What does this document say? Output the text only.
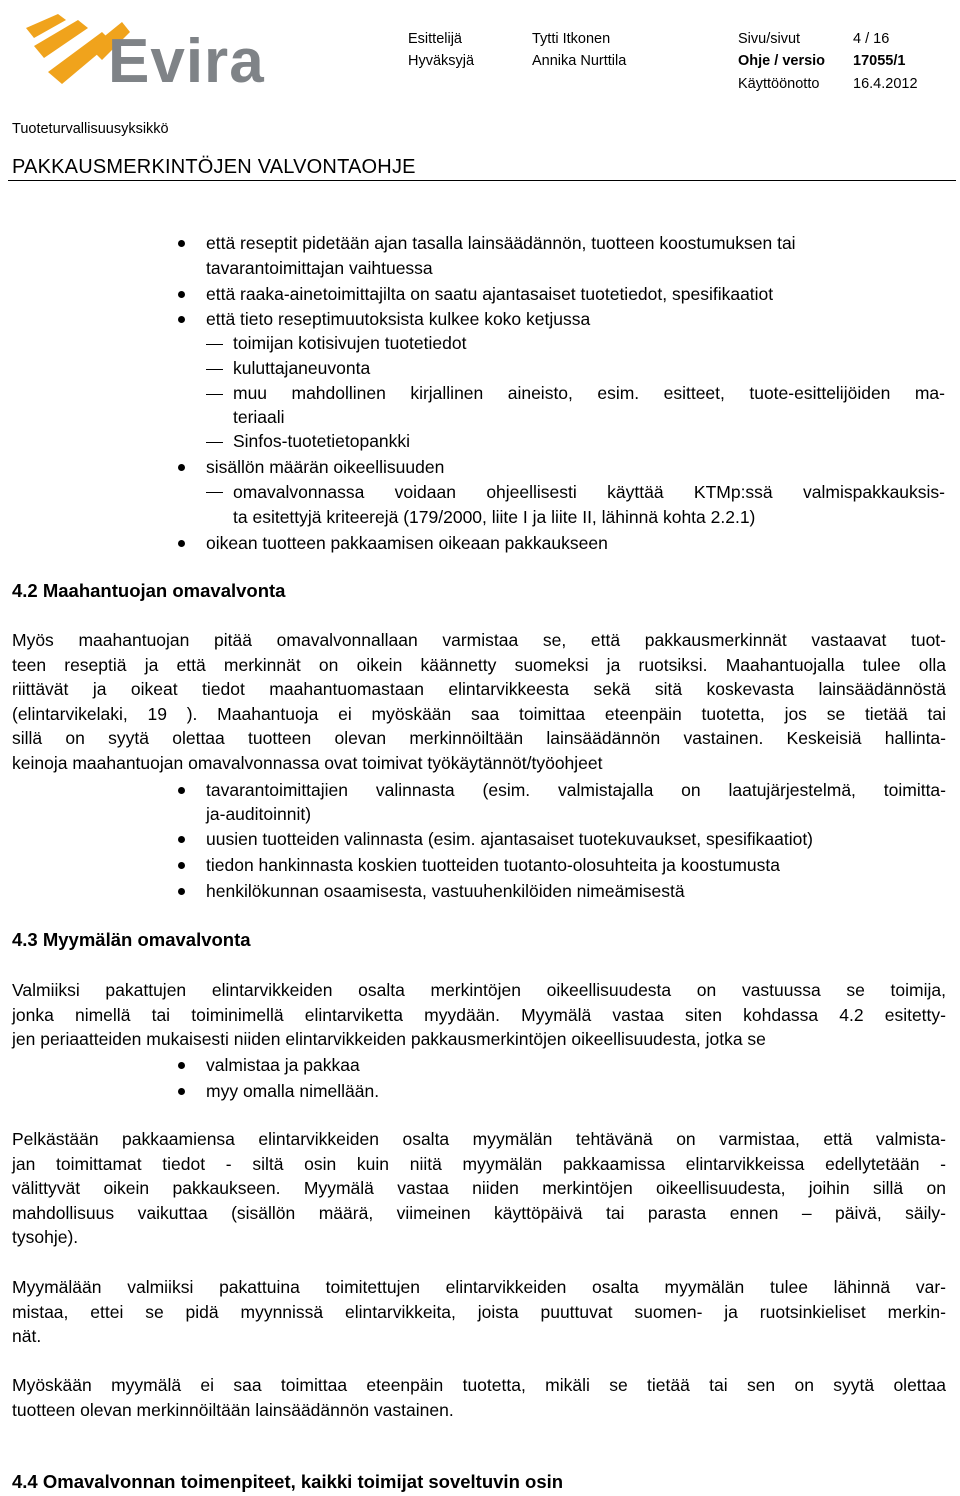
Evira	Esittelijä	Tytti Itkonen	Sivu/sivut	4 / 16
Hyväksyjä	Annika Nurttila	Ohje / versio 17055/1
Käyttöönotto 16.4.2012
Tuoteturvallisuusyksikkö
PAKKAUSMERKINTÖJEN VALVONTAOHJE
että reseptit pidetään ajan tasalla lainsäädännön, tuotteen koostumuksen tai
tavarantoimittajan vaihtuessa
että raaka-ainetoimittajilta on saatu ajantasaiset tuotetiedot, spesifikaatiot
että tieto reseptimuutoksista kulkee koko ketjussa
toimijan kotisivujen tuotetiedot
kuluttajaneuvonta
muu mahdollinen kirjallinen aineisto, esim. esitteet, tuote-esittelijöiden ma-
teriaali
Sinfos-tuotetietopankki
sisällön määrän oikeellisuuden
omavalvonnassa voidaan ohjeellisesti käyttää KTMp:ssä valmispakkauksis-
ta esitettyjä kriteerejä (179/2000, liite I ja liite II, lähinnä kohta 2.2.1)
oikean tuotteen pakkaamisen oikeaan pakkaukseen
4.2 Maahantuojan omavalvonta
Myös maahantuojan pitää omavalvonnallaan varmistaa se, että pakkausmerkinnät vastaavat tuot-
teen reseptiä ja että merkinnät on oikein käännetty suomeksi ja ruotsiksi. Maahantuojalla tulee olla
riittävät ja oikeat tiedot maahantuomastaan elintarvikkeesta sekä sitä koskevasta lainsäädännöstä
(elintarvikelaki, 19 ). Maahantuoja ei myöskään saa toimittaa eteenpäin tuotetta, jos se tietää tai
sillä on syytä olettaa tuotteen olevan merkinnöiltään lainsäädännön vastainen. Keskeisiä hallinta-
keinoja maahantuojan omavalvonnassa ovat toimivat työkäytännöt/työohjeet
tavarantoimittajien valinnasta (esim. valmistajalla on laatujärjestelmä, toimitta-
ja-auditoinnit)
uusien tuotteiden valinnasta (esim. ajantasaiset tuotekuvaukset, spesifikaatiot)
tiedon hankinnasta koskien tuotteiden tuotanto-olosuhteita ja koostumusta
henkilökunnan osaamisesta, vastuuhenkilöiden nimeämisestä
4.3 Myymälän omavalvonta
Valmiiksi pakattujen elintarvikkeiden osalta merkintöjen oikeellisuudesta on vastuussa se toimija,
jonka nimellä tai toiminimellä elintarviketta myydään. Myymälä vastaa siten kohdassa 4.2 esitetty-
jen periaatteiden mukaisesti niiden elintarvikkeiden pakkausmerkintöjen oikeellisuudesta, jotka se
valmistaa ja pakkaa
myy omalla nimellään.
Pelkästään pakkaamiensa elintarvikkeiden osalta myymälän tehtävänä on varmistaa, että valmista-
jan toimittamat tiedot - siltä osin kuin niitä myymälän pakkaamissa elintarvikkeissa edellytetään -
välittyvät oikein pakkaukseen. Myymälä vastaa niiden merkintöjen oikeellisuudesta, joihin sillä on
mahdollisuus vaikuttaa (sisällön määrä, viimeinen käyttöpäivä tai parasta ennen – päivä, säily-
tysohje).
Myymälään valmiiksi pakattuina toimitettujen elintarvikkeiden osalta myymälän tulee lähinnä var-
mistaa, ettei se pidä myynnissä elintarvikkeita, joista puuttuvat suomen- ja ruotsinkieliset merkin-
nät.
Myöskään myymälä ei saa toimittaa eteenpäin tuotetta, mikäli se tietää tai sen on syytä olettaa
tuotteen olevan merkinnöiltään lainsäädännön vastainen.
4.4 Omavalvonnan toimenpiteet, kaikki toimijat soveltuvin osin
